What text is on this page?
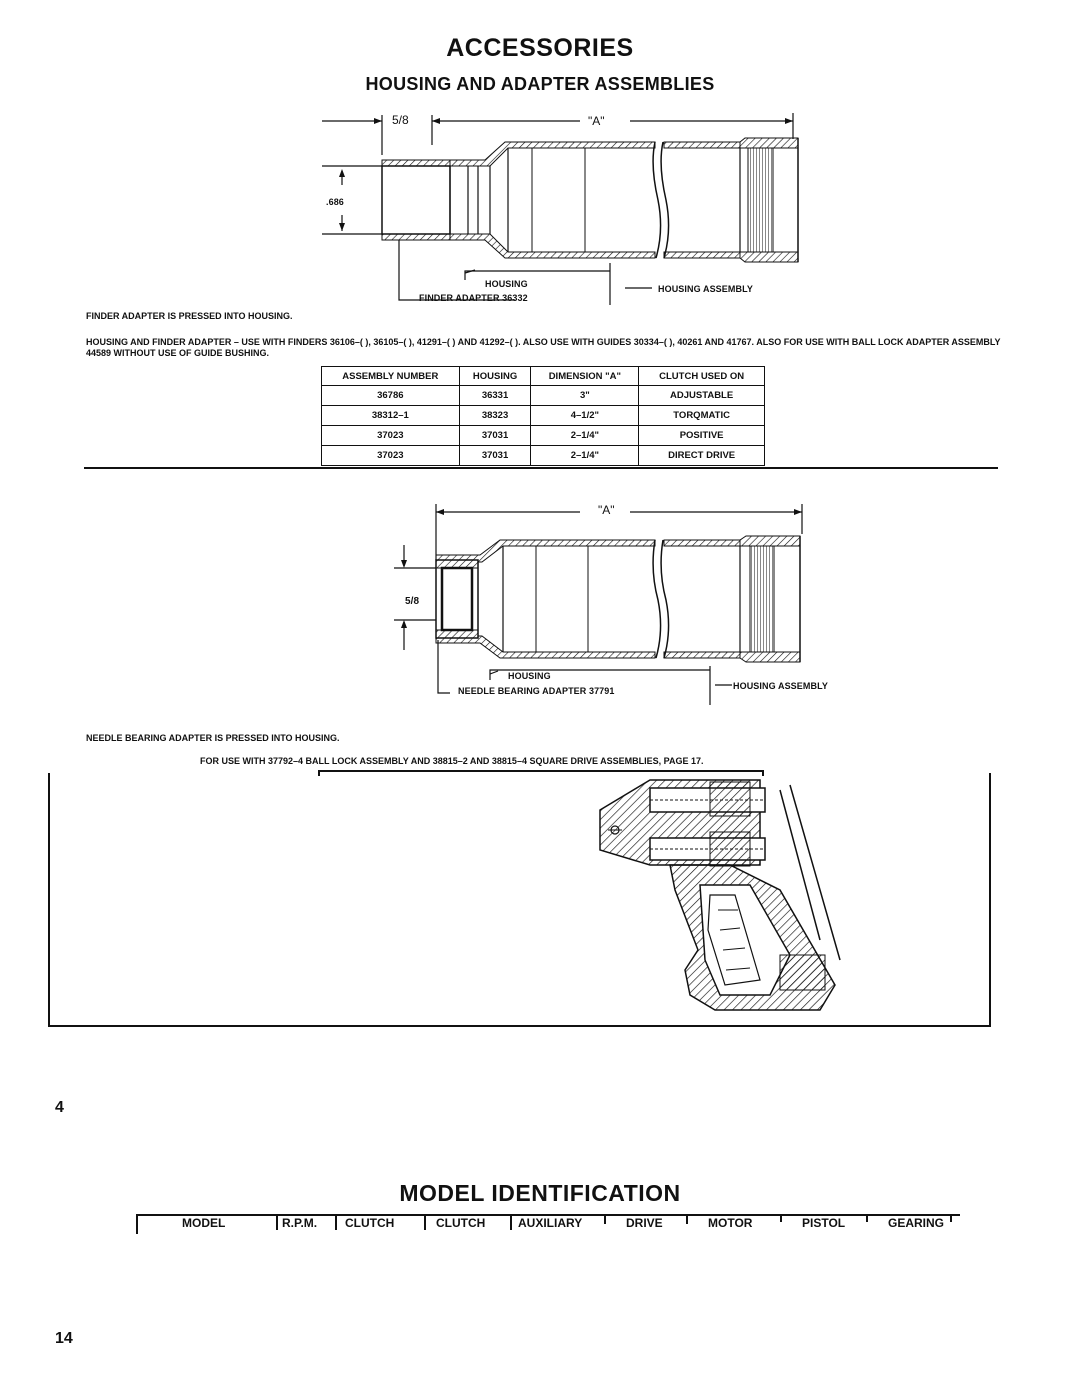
ACCESSORIES
HOUSING AND ADAPTER ASSEMBLIES
5/8	"A"
.686
HOUSING
FINDER ADAPTER 36332
HOUSING ASSEMBLY
FINDER ADAPTER IS PRESSED INTO HOUSING.
HOUSING AND FINDER ADAPTER – USE WITH FINDERS 36106–( ), 36105–( ), 41291–( ) AND 41292–( ). ALSO USE WITH GUIDES 30334–( ), 40261 AND 41767. ALSO FOR USE WITH BALL LOCK ADAPTER ASSEMBLY 44589 WITHOUT USE OF GUIDE BUSHING.
ASSEMBLY NUMBER	HOUSING	DIMENSION "A"	CLUTCH USED ON
36786	36331	3"	ADJUSTABLE
38312–1	38323	4–1/2"	TORQMATIC
37023	37031	2–1/4"	POSITIVE
37023	37031	2–1/4"	DIRECT DRIVE
"A"
5/8
HOUSING
NEEDLE BEARING ADAPTER 37791	HOUSING ASSEMBLY
NEEDLE BEARING ADAPTER IS PRESSED INTO HOUSING.
FOR USE WITH 37792–4 BALL LOCK ASSEMBLY AND 38815–2 AND 38815–4 SQUARE DRIVE ASSEMBLIES, PAGE 17.
4
14
MODEL IDENTIFICATION
MODEL	R.P.M.	CLUTCH	CLUTCH	AUXILIARY	DRIVE	MOTOR	PISTOL	GEARING
